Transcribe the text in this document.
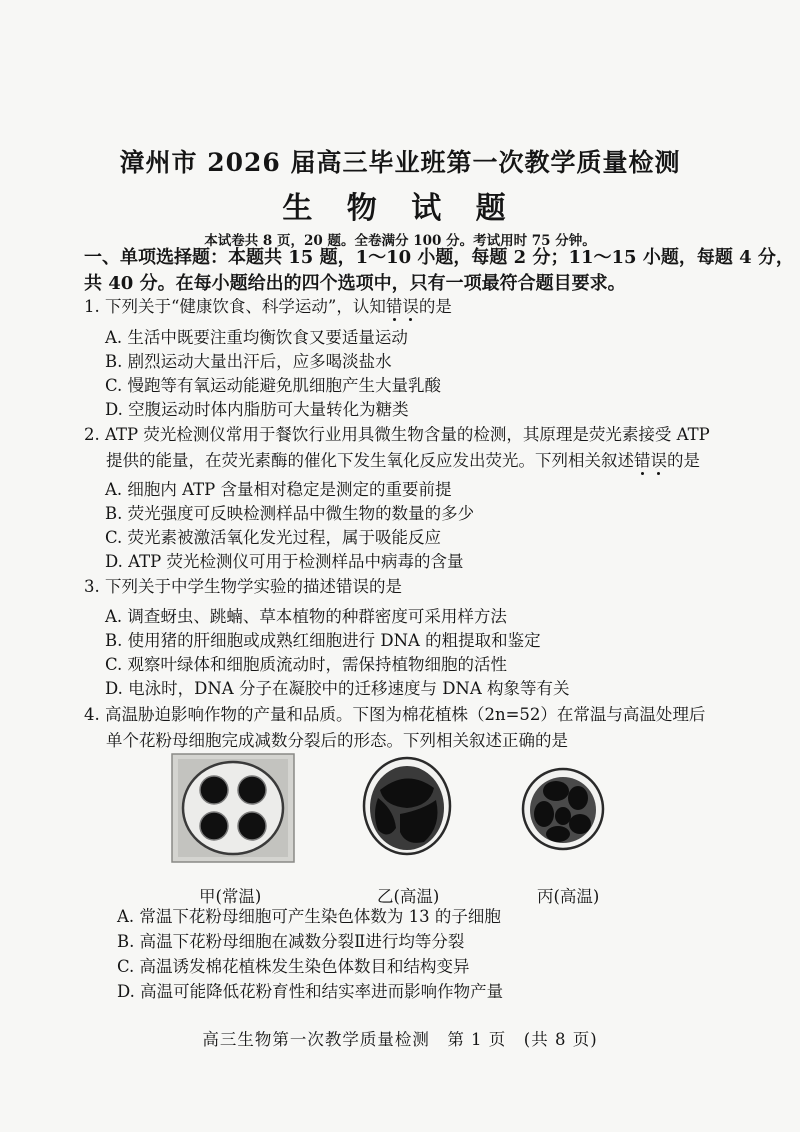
漳州市 2026 届高三毕业班第一次教学质量检测
生 物 试 题
本试卷共 8 页，20 题。全卷满分 100 分。考试用时 75 分钟。
一、单项选择题：本题共 15 题，1～10 小题，每题 2 分；11～15 小题，每题 4 分，
共 40 分。在每小题给出的四个选项中，只有一项最符合题目要求。
1. 下列关于“健康饮食、科学运动”，认知错误的是
A. 生活中既要注重均衡饮食又要适量运动
B. 剧烈运动大量出汗后，应多喝淡盐水
C. 慢跑等有氧运动能避免肌细胞产生大量乳酸
D. 空腹运动时体内脂肪可大量转化为糖类
2. ATP 荧光检测仪常用于餐饮行业用具微生物含量的检测，其原理是荧光素接受 ATP
提供的能量，在荧光素酶的催化下发生氧化反应发出荧光。下列相关叙述错误的是
A. 细胞内 ATP 含量相对稳定是测定的重要前提
B. 荧光强度可反映检测样品中微生物的数量的多少
C. 荧光素被激活氧化发光过程，属于吸能反应
D. ATP 荧光检测仪可用于检测样品中病毒的含量
3. 下列关于中学生物学实验的描述错误的是
A. 调查蚜虫、跳蝻、草本植物的种群密度可采用样方法
B. 使用猪的肝细胞或成熟红细胞进行 DNA 的粗提取和鉴定
C. 观察叶绿体和细胞质流动时，需保持植物细胞的活性
D. 电泳时，DNA 分子在凝胶中的迁移速度与 DNA 构象等有关
4. 高温胁迫影响作物的产量和品质。下图为棉花植株（2n=52）在常温与高温处理后
单个花粉母细胞完成减数分裂后的形态。下列相关叙述正确的是
甲(常温)	乙(高温)	丙(高温)
A. 常温下花粉母细胞可产生染色体数为 13 的子细胞
B. 高温下花粉母细胞在减数分裂Ⅱ进行均等分裂
C. 高温诱发棉花植株发生染色体数目和结构变异
D. 高温可能降低花粉育性和结实率进而影响作物产量
高三生物第一次教学质量检测　第 1 页　(共 8 页)
